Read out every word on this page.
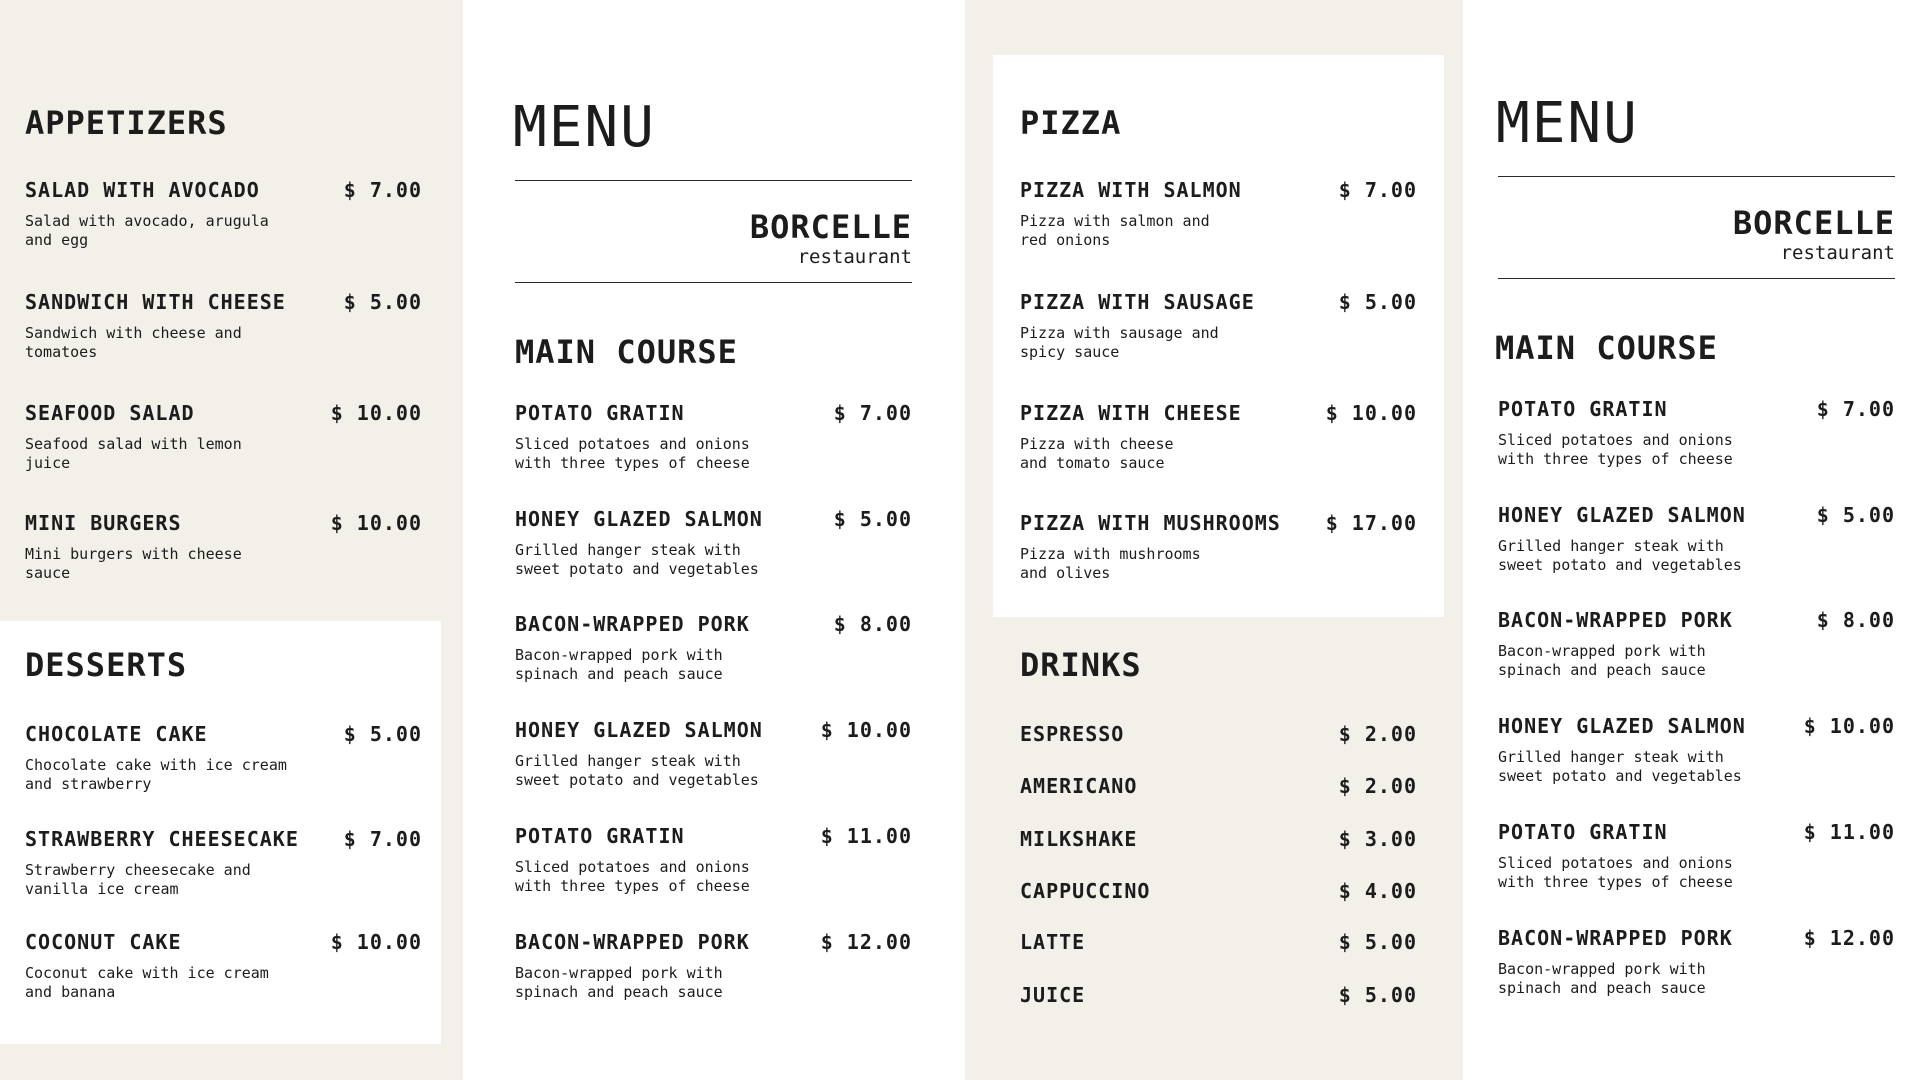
APPETIZERS
SALAD WITH AVOCADO	$ 7.00
Salad with avocado, arugula
and egg
SANDWICH WITH CHEESE	$ 5.00
Sandwich with cheese and
tomatoes
SEAFOOD SALAD	$ 10.00
Seafood salad with lemon
juice
MINI BURGERS	$ 10.00
Mini burgers with cheese
sauce
DESSERTS
CHOCOLATE CAKE	$ 5.00
Chocolate cake with ice cream
and strawberry
STRAWBERRY CHEESECAKE $ 7.00
Strawberry cheesecake and
vanilla ice cream
COCONUT CAKE	$ 10.00
Coconut cake with ice cream
and banana
MENU
BORCELLE
restaurant
MAIN COURSE
POTATO GRATIN	$ 7.00
Sliced potatoes and onions
with three types of cheese
HONEY GLAZED SALMON	$ 5.00
Grilled hanger steak with
sweet potato and vegetables
BACON-WRAPPED PORK	$ 8.00
Bacon-wrapped pork with
spinach and peach sauce
HONEY GLAZED SALMON	$ 10.00
Grilled hanger steak with
sweet potato and vegetables
POTATO GRATIN	$ 11.00
Sliced potatoes and onions
with three types of cheese
BACON-WRAPPED PORK	$ 12.00
Bacon-wrapped pork with
spinach and peach sauce
PIZZA
PIZZA WITH SALMON	$ 7.00
Pizza with salmon and
red onions
PIZZA WITH SAUSAGE	$ 5.00
Pizza with sausage and
spicy sauce
PIZZA WITH CHEESE	$ 10.00
Pizza with cheese
and tomato sauce
PIZZA WITH MUSHROOMS $ 17.00
Pizza with mushrooms
and olives
DRINKS
ESPRESSO	$ 2.00
AMERICANO	$ 2.00
MILKSHAKE	$ 3.00
CAPPUCCINO	$ 4.00
LATTE	$ 5.00
JUICE	$ 5.00
MENU
BORCELLE
restaurant
MAIN COURSE
POTATO GRATIN	$ 7.00
Sliced potatoes and onions
with three types of cheese
HONEY GLAZED SALMON	$ 5.00
Grilled hanger steak with
sweet potato and vegetables
BACON-WRAPPED PORK	$ 8.00
Bacon-wrapped pork with
spinach and peach sauce
HONEY GLAZED SALMON	$ 10.00
Grilled hanger steak with
sweet potato and vegetables
POTATO GRATIN	$ 11.00
Sliced potatoes and onions
with three types of cheese
BACON-WRAPPED PORK	$ 12.00
Bacon-wrapped pork with
spinach and peach sauce
